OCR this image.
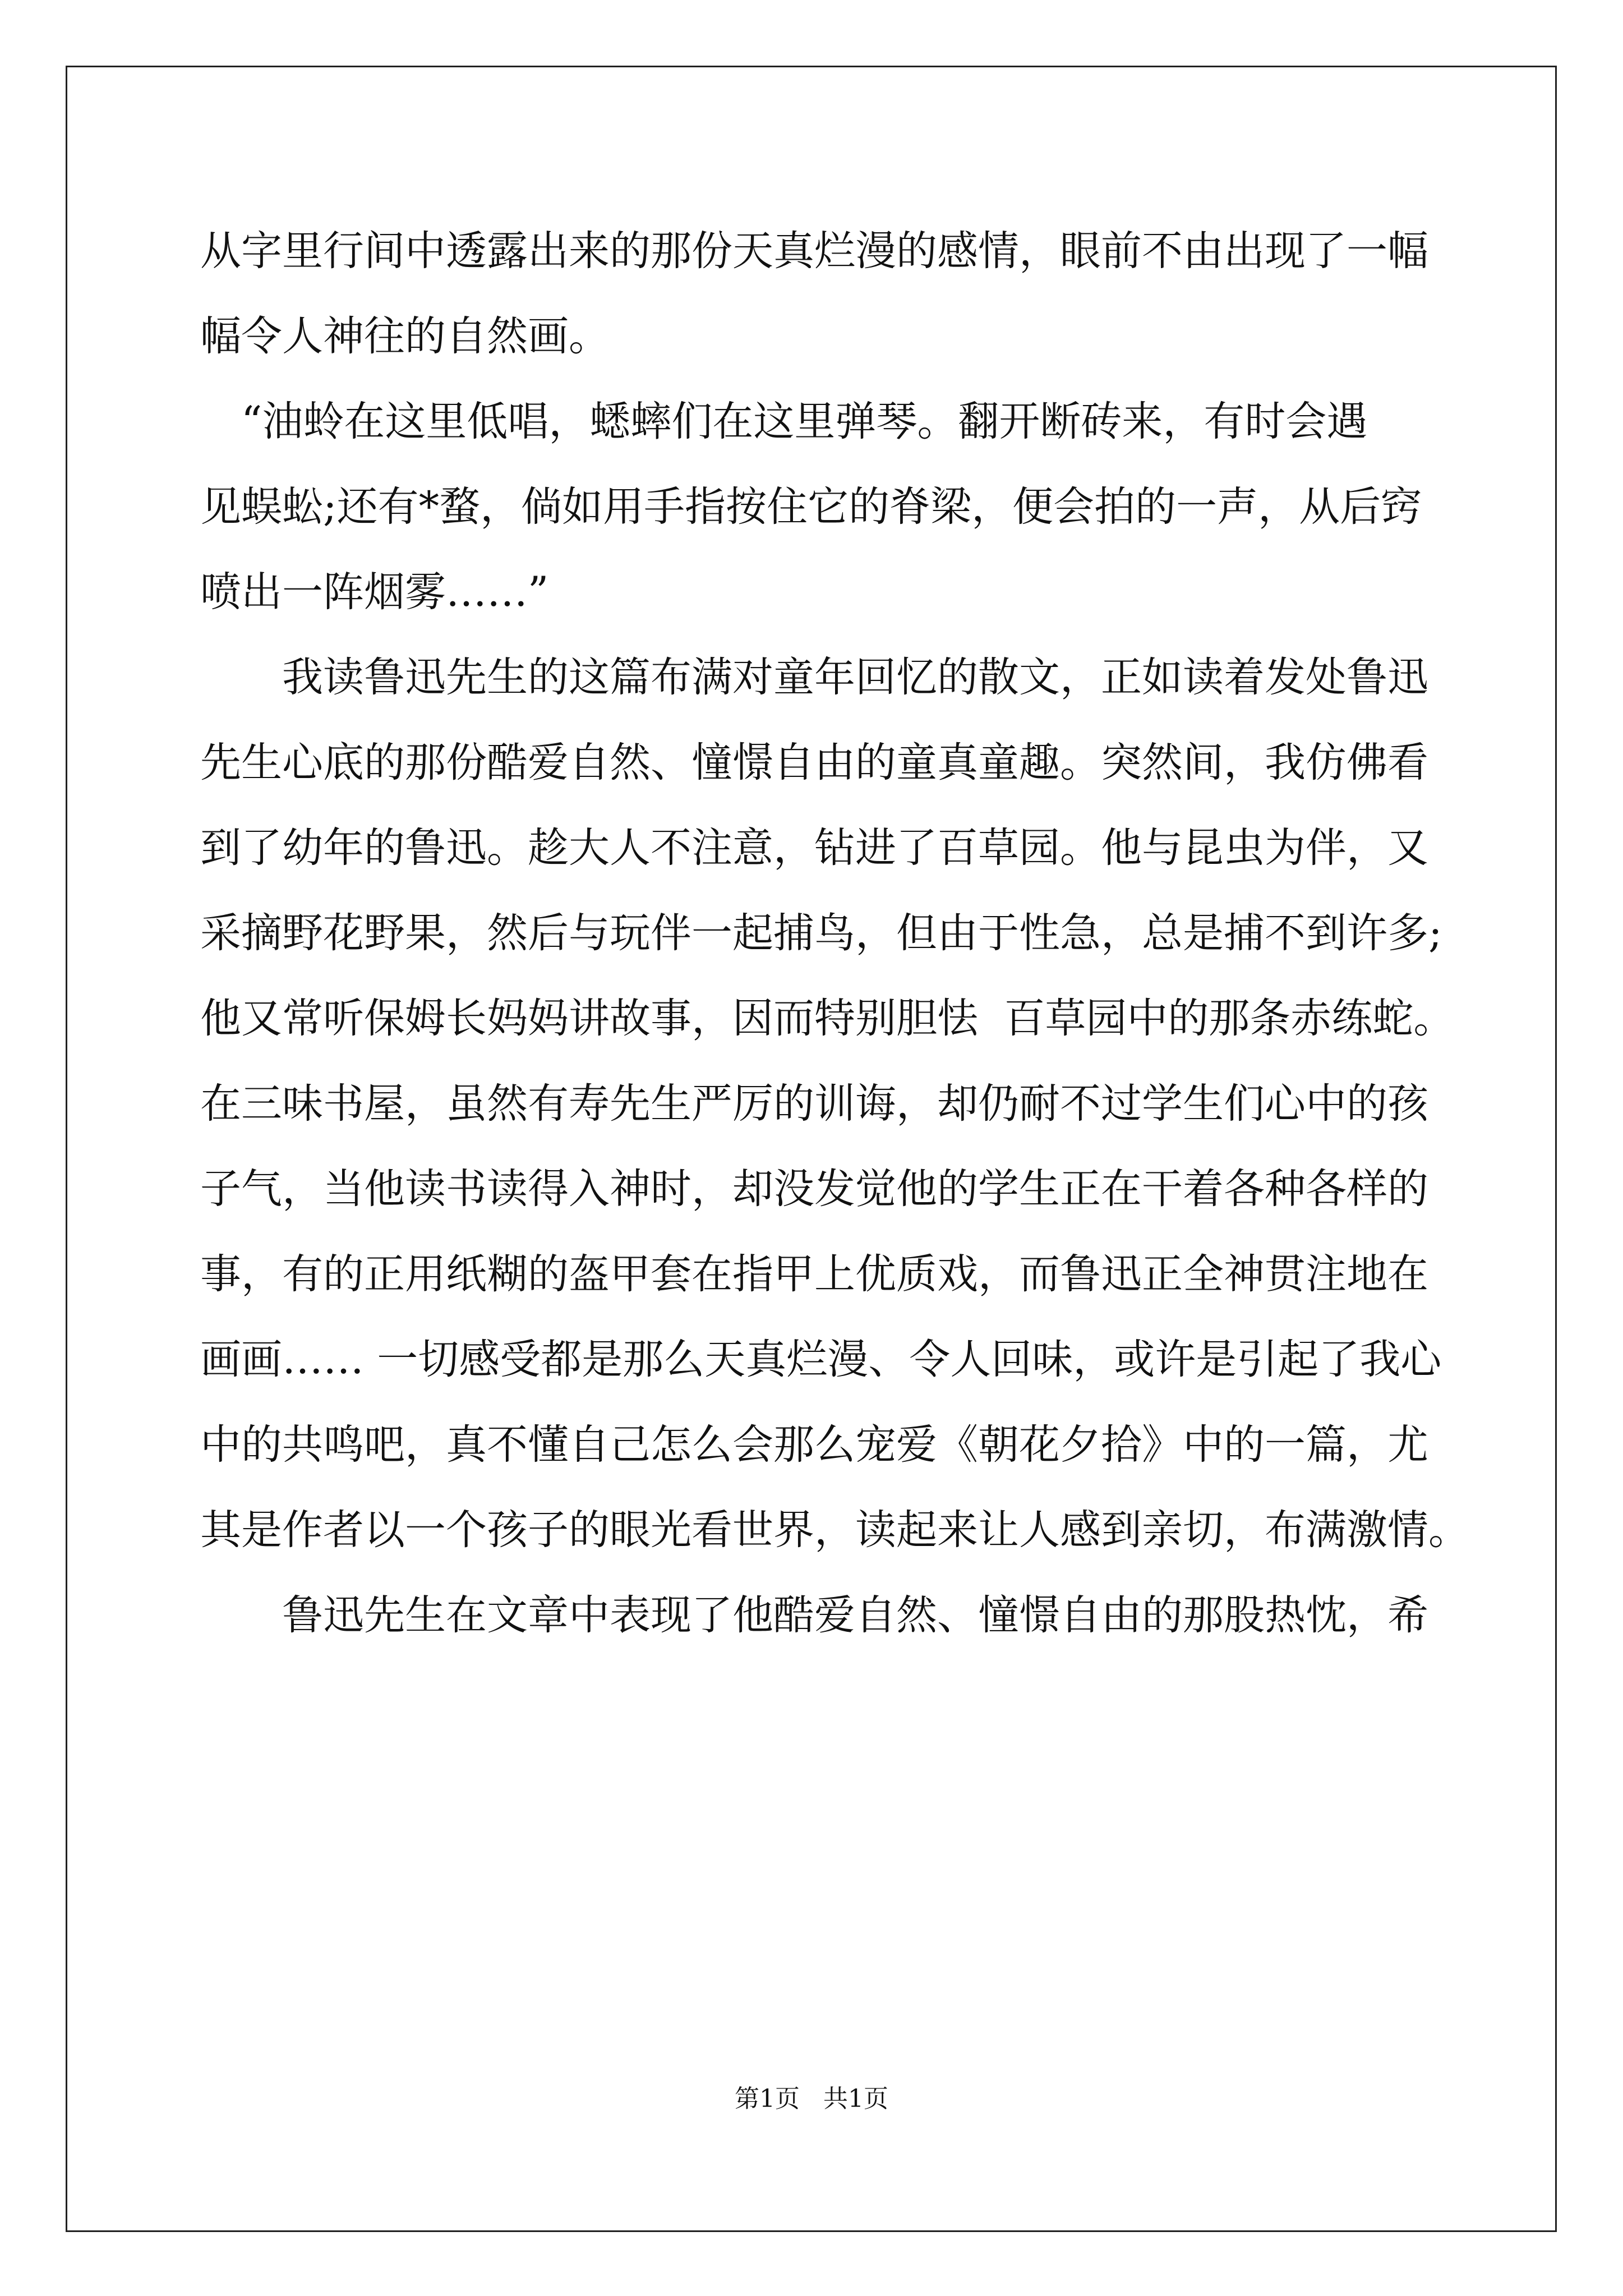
从字里行间中透露出来的那份天真烂漫的感情，眼前不由出现了一幅
幅令人神往的自然画。
　“油蛉在这里低唱，蟋蟀们在这里弹琴。翻开断砖来，有时会遇
见蜈蚣;还有*蝥，倘如用手指按住它的脊梁，便会拍的一声，从后窍
喷出一阵烟雾……”
　　我读鲁迅先生的这篇布满对童年回忆的散文，正如读着发处鲁迅
先生心底的那份酷爱自然、憧憬自由的童真童趣。突然间，我仿佛看
到了幼年的鲁迅。趁大人不注意，钻进了百草园。他与昆虫为伴，又
采摘野花野果，然后与玩伴一起捕鸟，但由于性急，总是捕不到许多;
他又常听保姆长妈妈讲故事，因而特别胆怯  百草园中的那条赤练蛇。
在三味书屋，虽然有寿先生严厉的训诲，却仍耐不过学生们心中的孩
子气，当他读书读得入神时，却没发觉他的学生正在干着各种各样的
事，有的正用纸糊的盔甲套在指甲上优质戏，而鲁迅正全神贯注地在
画画…… 一切感受都是那么天真烂漫、令人回味，或许是引起了我心
中的共鸣吧，真不懂自己怎么会那么宠爱《朝花夕拾》中的一篇，尤
其是作者以一个孩子的眼光看世界，读起来让人感到亲切，布满激情。
　　鲁迅先生在文章中表现了他酷爱自然、憧憬自由的那股热忱，希
第1页   共1页
